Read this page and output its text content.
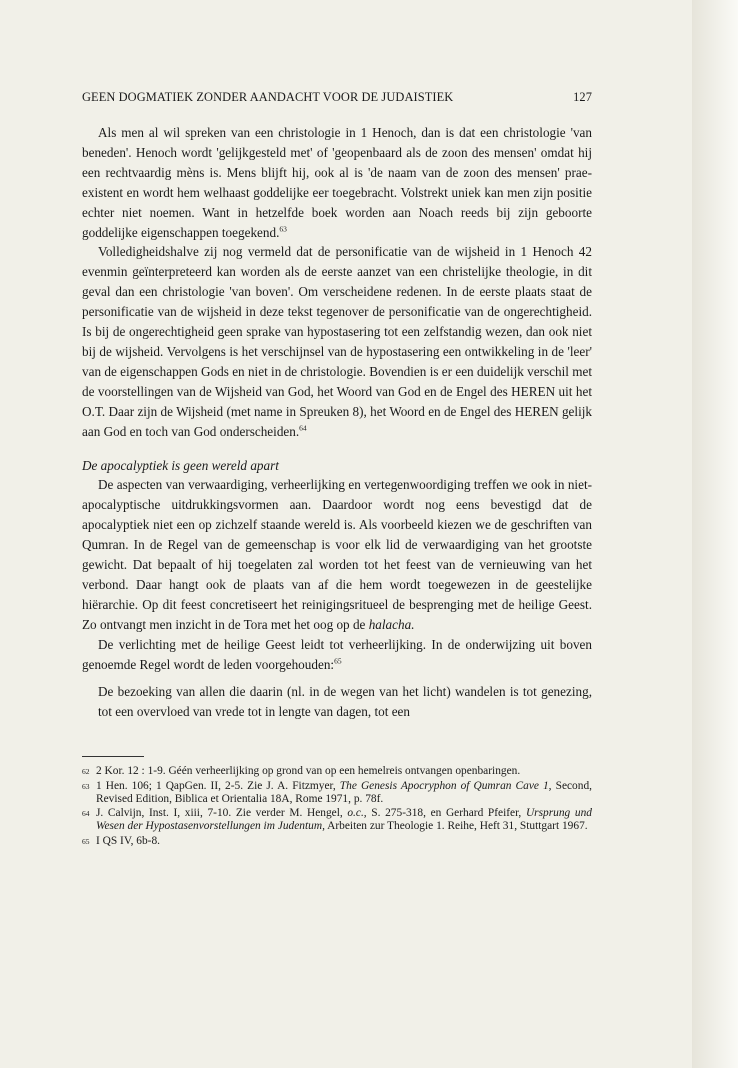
GEEN DOGMATIEK ZONDER AANDACHT VOOR DE JUDAISTIEK	127

Als men al wil spreken van een christologie in 1 Henoch, dan is dat een christologie 'van beneden'. Henoch wordt 'gelijkgesteld met' of 'geopenbaard als de zoon des mensen' omdat hij een rechtvaardig mèns is. Mens blijft hij, ook al is 'de naam van de zoon des mensen' prae-existent en wordt hem welhaast goddelijke eer toegebracht. Volstrekt uniek kan men zijn positie echter niet noemen. Want in hetzelfde boek worden aan Noach reeds bij zijn geboorte goddelijke eigenschappen toegekend.$^{63}$

Volledigheidshalve zij nog vermeld dat de personificatie van de wijsheid in 1 Henoch 42 evenmin geïnterpreteerd kan worden als de eerste aanzet van een christelijke theologie, in dit geval dan een christologie 'van boven'. Om verscheidene redenen. In de eerste plaats staat de personificatie van de wijsheid in deze tekst tegenover de personificatie van de ongerechtigheid. Is bij de ongerechtigheid geen sprake van hypostasering tot een zelfstandig wezen, dan ook niet bij de wijsheid. Vervolgens is het verschijnsel van de hypostasering een ontwikkeling in de 'leer' van de eigenschappen Gods en niet in de christologie. Bovendien is er een duidelijk verschil met de voorstellingen van de Wijsheid van God, het Woord van God en de Engel des HEREN uit het O.T. Daar zijn de Wijsheid (met name in Spreuken 8), het Woord en de Engel des HEREN gelijk aan God en toch van God onderscheiden.$^{64}$

De apocalyptiek is geen wereld apart

De aspecten van verwaardiging, verheerlijking en vertegenwoordiging treffen we ook in niet-apocalyptische uitdrukkingsvormen aan. Daardoor wordt nog eens bevestigd dat de apocalyptiek niet een op zichzelf staande wereld is. Als voorbeeld kiezen we de geschriften van Qumran. In de Regel van de gemeenschap is voor elk lid de verwaardiging van het grootste gewicht. Dat bepaalt of hij toegelaten zal worden tot het feest van de vernieuwing van het verbond. Daar hangt ook de plaats van af die hem wordt toegewezen in de geestelijke hiërarchie. Op dit feest concretiseert het reinigingsritueel de besprenging met de heilige Geest. Zo ontvangt men inzicht in de Tora met het oog op de halacha.

De verlichting met de heilige Geest leidt tot verheerlijking. In de onderwijzing uit boven genoemde Regel wordt de leden voorgehouden:$^{65}$

De bezoeking van allen die daarin (nl. in de wegen van het licht) wandelen is tot genezing, tot een overvloed van vrede tot in lengte van dagen, tot een
62 2 Kor. 12 : 1-9. Géén verheerlijking op grond van op een hemelreis ontvangen openbaringen.
63 1 Hen. 106; 1 QapGen. II, 2-5. Zie J. A. Fitzmyer, The Genesis Apocryphon of Qumran Cave 1, Second, Revised Edition, Biblica et Orientalia 18A, Rome 1971, p. 78f.
64 J. Calvijn, Inst. I, xiii, 7-10. Zie verder M. Hengel, o.c., S. 275-318, en Gerhard Pfeifer, Ursprung und Wesen der Hypostasenvorstellungen im Judentum, Arbeiten zur Theologie 1. Reihe, Heft 31, Stuttgart 1967.
65 I QS IV, 6b-8.
